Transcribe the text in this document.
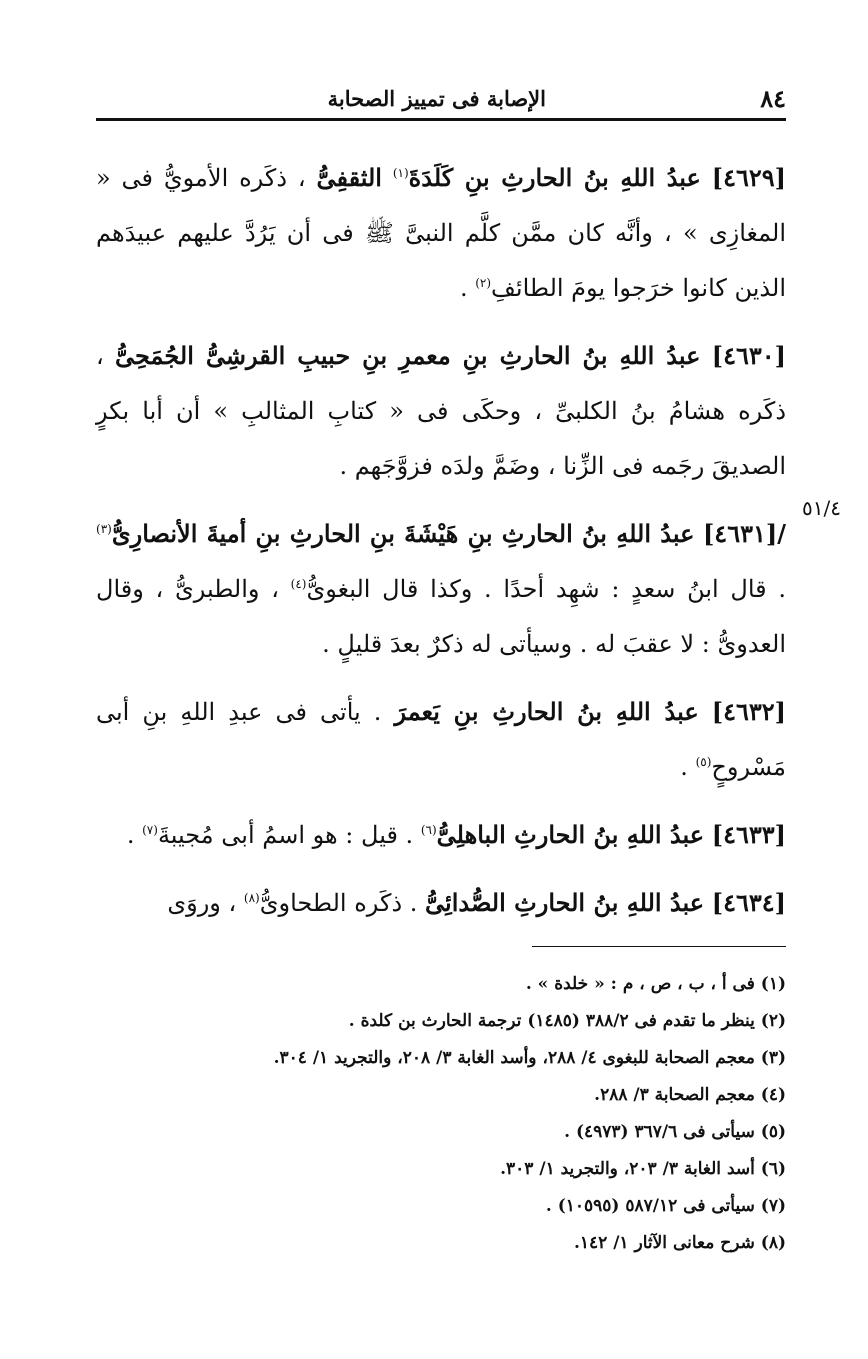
٨٤
الإصابة فى تمييز الصحابة
٥١/٤

[٤٦٢٩] عبدُ اللهِ بنُ الحارثِ بنِ كَلَدَةَ$^{(١)}$ الثقفِىُّ ، ذكَره الأمويُّ فى « المغازِى » ، وأنَّه كان ممَّن كلَّم النبىَّ ﷺ فى أن يَرُدَّ عليهم عبيدَهم الذين كانوا خرَجوا يومَ الطائفِ$^{(٢)}$ .

[٤٦٣٠] عبدُ اللهِ بنُ الحارثِ بنِ معمرِ بنِ حبيبِ القرشِىُّ الجُمَحِىُّ ، ذكَره هشامُ بنُ الكلبىِّ ، وحكَى فى « كتابِ المثالبِ » أن أبا بكرٍ الصديقَ رجَمه فى الزِّنا ، وضَمَّ ولدَه فزوَّجَهم .

/[٤٦٣١] عبدُ اللهِ بنُ الحارثِ بنِ هَيْشَةَ بنِ الحارثِ بنِ أميةَ الأنصارِىُّ$^{(٣)}$ . قال ابنُ سعدٍ : شهِد أحدًا . وكذا قال البغوىُّ$^{(٤)}$ ، والطبرىُّ ، وقال العدوىُّ : لا عقبَ له . وسيأتى له ذكرٌ بعدَ قليلٍ .

[٤٦٣٢] عبدُ اللهِ بنُ الحارثِ بنِ يَعمرَ . يأتى فى عبدِ اللهِ بنِ أبى مَسْروحٍ$^{(٥)}$ .

[٤٦٣٣] عبدُ اللهِ بنُ الحارثِ الباهلِىُّ$^{(٦)}$ . قيل : هو اسمُ أبى مُجيبةَ$^{(٧)}$ .

[٤٦٣٤] عبدُ اللهِ بنُ الحارثِ الصُّدائِىُّ . ذكَره الطحاوىُّ$^{(٨)}$ ، وروَى

(١) فى أ ، ب ، ص ، م : « خلدة » .
(٢) ينظر ما تقدم فى ٣٨٨/٢ (١٤٨٥) ترجمة الحارث بن كلدة .
(٣) معجم الصحابة للبغوى ٤/ ٢٨٨، وأسد الغابة ٣/ ٢٠٨، والتجريد ١/ ٣٠٤.
(٤) معجم الصحابة ٣/ ٢٨٨.
(٥) سيأتى فى ٣٦٧/٦ (٤٩٧٣) .
(٦) أسد الغابة ٣/ ٢٠٣، والتجريد ١/ ٣٠٣.
(٧) سيأتى فى ٥٨٧/١٢ (١٠٥٩٥) .
(٨) شرح معانى الآثار ١/ ١٤٢.
